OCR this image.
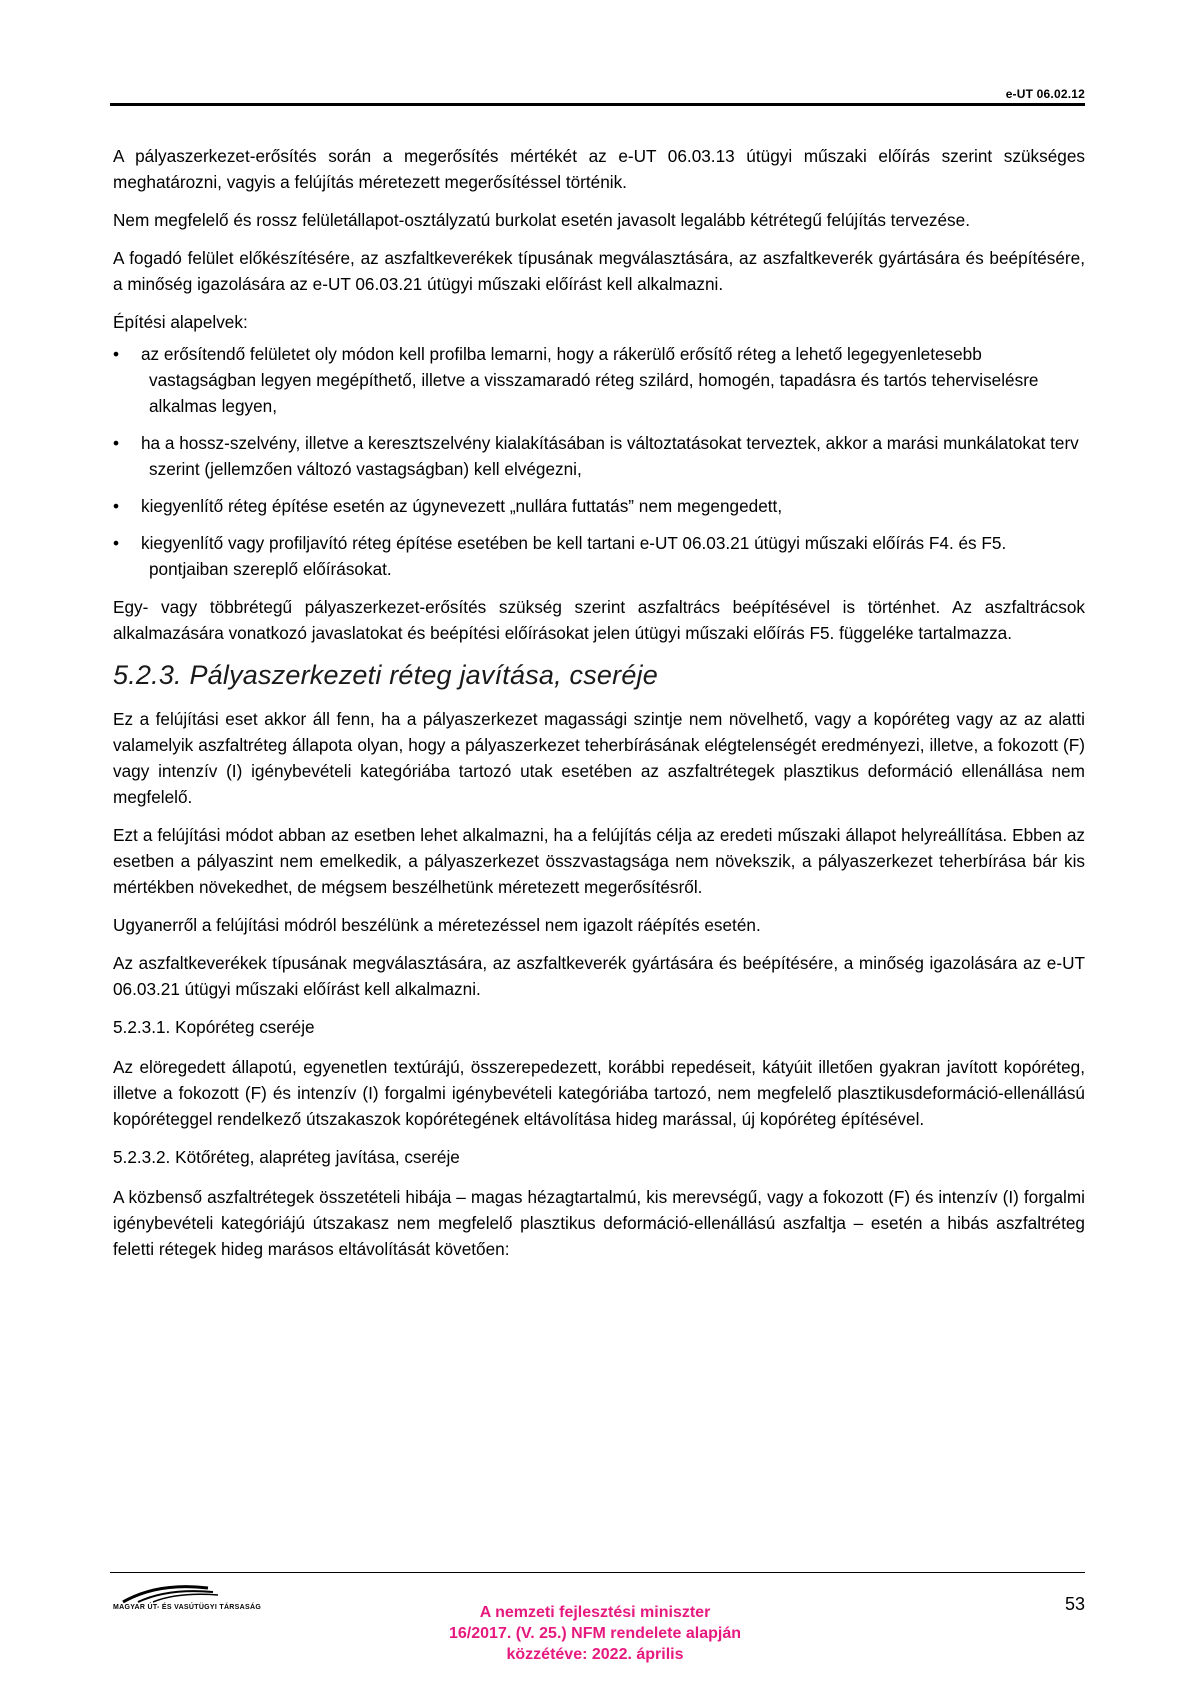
e-UT 06.02.12

A pályaszerkezet-erősítés során a megerősítés mértékét az e-UT 06.03.13 útügyi műszaki előírás szerint szükséges meghatározni, vagyis a felújítás méretezett megerősítéssel történik.

Nem megfelelő és rossz felületállapot-osztályzatú burkolat esetén javasolt legalább kétrétegű felújítás tervezése.

A fogadó felület előkészítésére, az aszfaltkeverékek típusának megválasztására, az aszfaltkeverék gyártására és beépítésére, a minőség igazolására az e-UT 06.03.21 útügyi műszaki előírást kell alkalmazni.

Építési alapelvek:

•	az erősítendő felületet oly módon kell profilba lemarni, hogy a rákerülő erősítő réteg a lehető legegyenletesebb vastagságban legyen megépíthető, illetve a visszamaradó réteg szilárd, homogén, tapadásra és tartós teherviselésre alkalmas legyen,
•	ha a hossz-szelvény, illetve a keresztszelvény kialakításában is változtatásokat terveztek, akkor a marási munkálatokat terv szerint (jellemzően változó vastagságban) kell elvégezni,
•	kiegyenlítő réteg építése esetén az úgynevezett „nullára futtatás” nem megengedett,
•	kiegyenlítő vagy profiljavító réteg építése esetében be kell tartani e-UT 06.03.21 útügyi műszaki előírás F4. és F5. pontjaiban szereplő előírásokat.

Egy- vagy többrétegű pályaszerkezet-erősítés szükség szerint aszfaltrács beépítésével is történhet. Az aszfaltrácsok alkalmazására vonatkozó javaslatokat és beépítési előírásokat jelen útügyi műszaki előírás F5. függeléke tartalmazza.

5.2.3. Pályaszerkezeti réteg javítása, cseréje

Ez a felújítási eset akkor áll fenn, ha a pályaszerkezet magassági szintje nem növelhető, vagy a kopóréteg vagy az az alatti valamelyik aszfaltréteg állapota olyan, hogy a pályaszerkezet teherbírásának elégtelenségét eredményezi, illetve, a fokozott (F) vagy intenzív (I) igénybevételi kategóriába tartozó utak esetében az aszfaltrétegek plasztikus deformáció ellenállása nem megfelelő.

Ezt a felújítási módot abban az esetben lehet alkalmazni, ha a felújítás célja az eredeti műszaki állapot helyreállítása. Ebben az esetben a pályaszint nem emelkedik, a pályaszerkezet összvastagsága nem növekszik, a pályaszerkezet teherbírása bár kis mértékben növekedhet, de mégsem beszélhetünk méretezett megerősítésről.

Ugyanerről a felújítási módról beszélünk a méretezéssel nem igazolt ráépítés esetén.

Az aszfaltkeverékek típusának megválasztására, az aszfaltkeverék gyártására és beépítésére, a minőség igazolására az e-UT 06.03.21 útügyi műszaki előírást kell alkalmazni.

5.2.3.1. Kopóréteg cseréje

Az elöregedett állapotú, egyenetlen textúrájú, összerepedezett, korábbi repedéseit, kátyúit illetően gyakran javított kopóréteg, illetve a fokozott (F) és intenzív (I) forgalmi igénybevételi kategóriába tartozó, nem megfelelő plasztikusdeformáció-ellenállású kopóréteggel rendelkező útszakaszok kopórétegének eltávolítása hideg marással, új kopóréteg építésével.

5.2.3.2. Kötőréteg, alapréteg javítása, cseréje

A közbenső aszfaltrétegek összetételi hibája – magas hézagtartalmú, kis merevségű, vagy a fokozott (F) és intenzív (I) forgalmi igénybevételi kategóriájú útszakasz nem megfelelő plasztikus deformáció-ellenállású aszfaltja – esetén a hibás aszfaltréteg feletti rétegek hideg marásos eltávolítását követően:

MAGYAR ÚT- ÉS VASÚTÜGYI TÁRSASÁG	53
A nemzeti fejlesztési miniszter
16/2017. (V. 25.) NFM rendelete alapján
közzétéve: 2022. április
